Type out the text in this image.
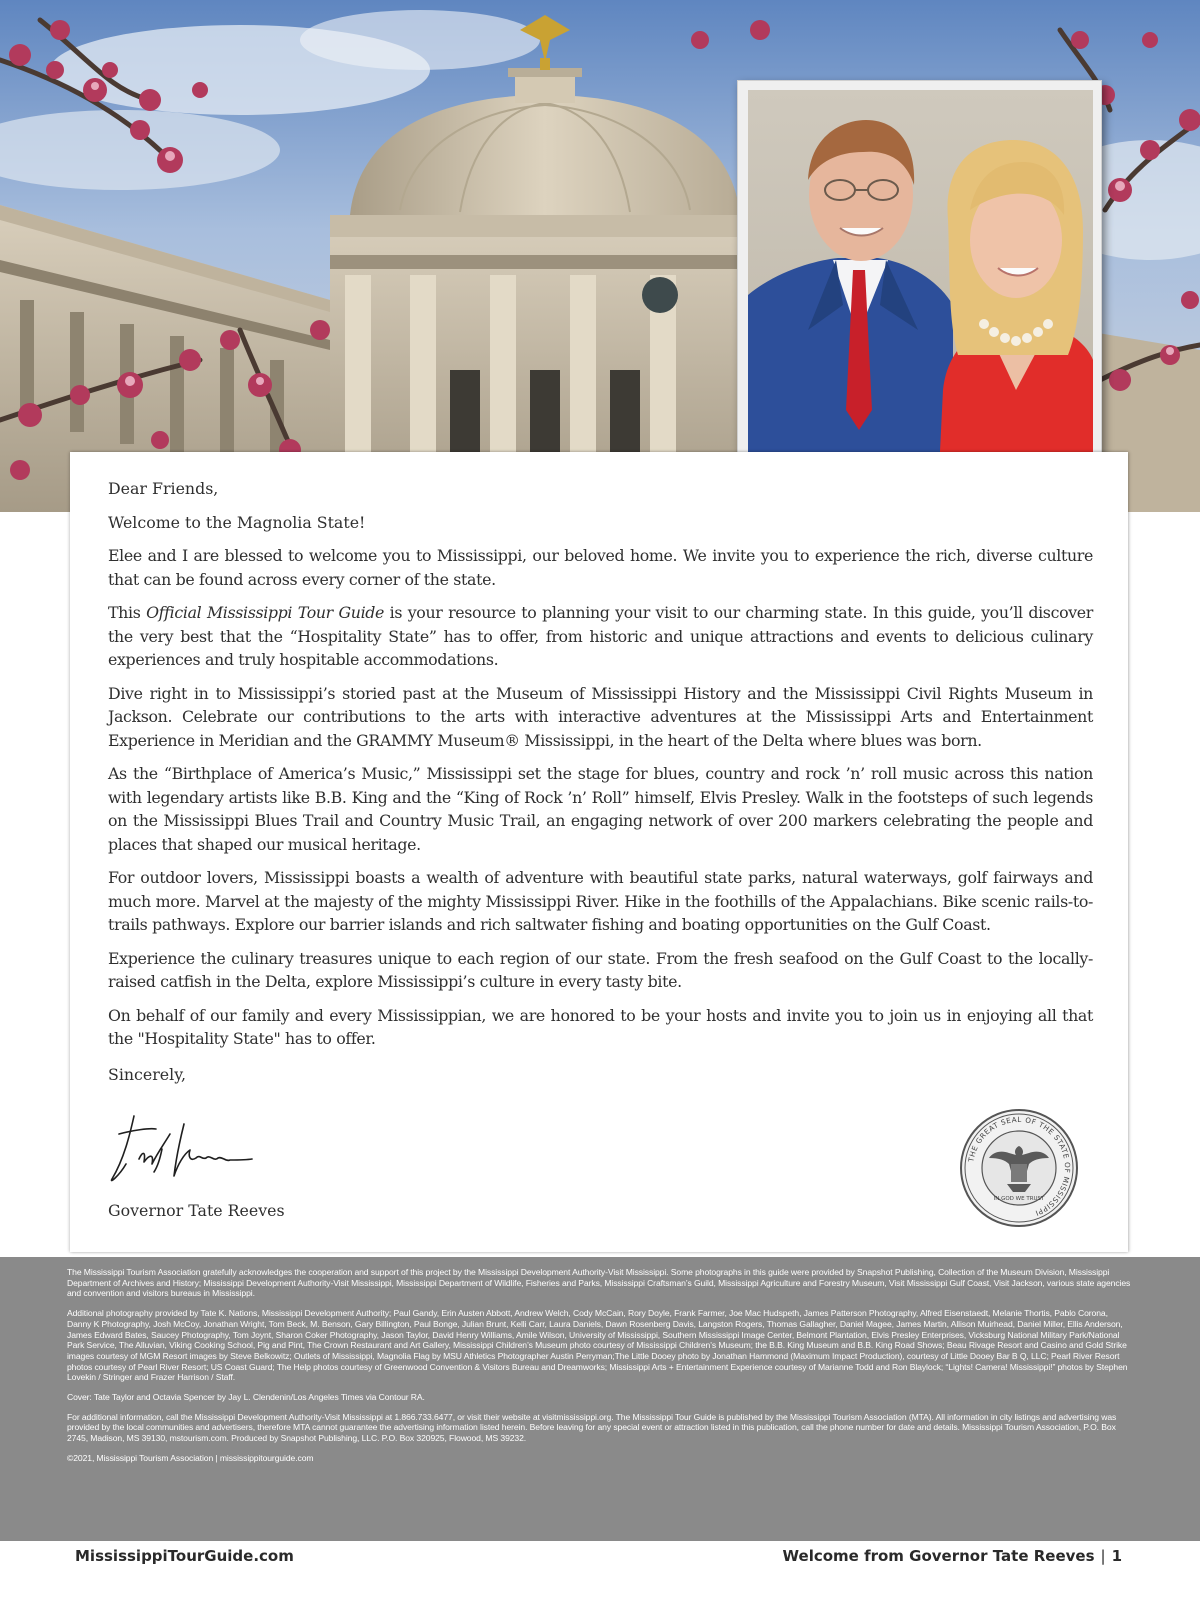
Dear Friends,

Welcome to the Magnolia State!

Elee and I are blessed to welcome you to Mississippi, our beloved home. We invite you to experience the rich, diverse culture that can be found across every corner of the state.

This Official Mississippi Tour Guide is your resource to planning your visit to our charming state. In this guide, you’ll discover the very best that the “Hospitality State” has to offer, from historic and unique attractions and events to delicious culinary experiences and truly hospitable accommodations.

Dive right in to Mississippi’s storied past at the Museum of Mississippi History and the Mississippi Civil Rights Museum in Jackson. Celebrate our contributions to the arts with interactive adventures at the Mississippi Arts and Entertainment Experience in Meridian and the GRAMMY Museum® Mississippi, in the heart of the Delta where blues was born.

As the “Birthplace of America’s Music,” Mississippi set the stage for blues, country and rock ’n’ roll music across this nation with legendary artists like B.B. King and the “King of Rock ’n’ Roll” himself, Elvis Presley. Walk in the footsteps of such legends on the Mississippi Blues Trail and Country Music Trail, an engaging network of over 200 markers celebrating the people and places that shaped our musical heritage.

For outdoor lovers, Mississippi boasts a wealth of adventure with beautiful state parks, natural waterways, golf fairways and much more. Marvel at the majesty of the mighty Mississippi River. Hike in the foothills of the Appalachians. Bike scenic rails-to-trails pathways. Explore our barrier islands and rich saltwater fishing and boating opportunities on the Gulf Coast.

Experience the culinary treasures unique to each region of our state. From the fresh seafood on the Gulf Coast to the locally-raised catfish in the Delta, explore Mississippi’s culture in every tasty bite.

On behalf of our family and every Mississippian, we are honored to be your hosts and invite you to join us in enjoying all that the "Hospitality State" has to offer.

Sincerely,
Governor Tate Reeves
THE GREAT SEAL OF THE STATE OF MISSISSIPPI
IN GOD WE TRUST

The Mississippi Tourism Association gratefully acknowledges the cooperation and support of this project by the Mississippi Development Authority-Visit Mississippi. Some photographs in this guide were provided by Snapshot Publishing, Collection of the Museum Division, Mississippi Department of Archives and History; Mississippi Development Authority-Visit Mississippi, Mississippi Department of Wildlife, Fisheries and Parks, Mississippi Craftsman’s Guild, Mississippi Agriculture and Forestry Museum, Visit Mississippi Gulf Coast, Visit Jackson, various state agencies and convention and visitors bureaus in Mississippi.

Additional photography provided by Tate K. Nations, Mississippi Development Authority; Paul Gandy, Erin Austen Abbott, Andrew Welch, Cody McCain, Rory Doyle, Frank Farmer, Joe Mac Hudspeth, James Patterson Photography, Alfred Eisenstaedt, Melanie Thortis, Pablo Corona, Danny K Photography, Josh McCoy, Jonathan Wright, Tom Beck, M. Benson, Gary Billington, Paul Bonge, Julian Brunt, Kelli Carr, Laura Daniels, Dawn Rosenberg Davis, Langston Rogers, Thomas Gallagher, Daniel Magee, James Martin, Allison Muirhead, Daniel Miller, Ellis Anderson, James Edward Bates, Saucey Photography, Tom Joynt, Sharon Coker Photography, Jason Taylor, David Henry Williams, Amile Wilson, University of Mississippi, Southern Mississippi Image Center, Belmont Plantation, Elvis Presley Enterprises, Vicksburg National Military Park/National Park Service, The Alluvian, Viking Cooking School, Pig and Pint, The Crown Restaurant and Art Gallery, Mississippi Children’s Museum photo courtesy of Mississippi Children’s Museum; the B.B. King Museum and B.B. King Road Shows; Beau Rivage Resort and Casino and Gold Strike images courtesy of MGM Resort images by Steve Belkowitz; Outlets of Mississippi, Magnolia Flag by MSU Athletics Photographer Austin Perryman;The Little Dooey photo by Jonathan Hammond (Maximum Impact Production), courtesy of Little Dooey Bar B Q, LLC; Pearl River Resort photos courtesy of Pearl River Resort; US Coast Guard; The Help photos courtesy of Greenwood Convention & Visitors Bureau and Dreamworks; Mississippi Arts + Entertainment Experience courtesy of Marianne Todd and Ron Blaylock; “Lights! Camera! Mississippi!” photos by Stephen Lovekin / Stringer and Frazer Harrison / Staff.

Cover: Tate Taylor and Octavia Spencer by Jay L. Clendenin/Los Angeles Times via Contour RA.

For additional information, call the Mississippi Development Authority-Visit Mississippi at 1.866.733.6477, or visit their website at visitmississippi.org. The Mississippi Tour Guide is published by the Mississippi Tourism Association (MTA). All information in city listings and advertising was provided by the local communities and advertisers, therefore MTA cannot guarantee the advertising information listed herein. Before leaving for any special event or attraction listed in this publication, call the phone number for date and details. Mississippi Tourism Association, P.O. Box 2745, Madison, MS 39130, mstourism.com. Produced by Snapshot Publishing, LLC. P.O. Box 320925, Flowood, MS 39232.

©2021, Mississippi Tourism Association | mississippitourguide.com

MississippiTourGuide.com	Welcome from Governor Tate Reeves | 1
